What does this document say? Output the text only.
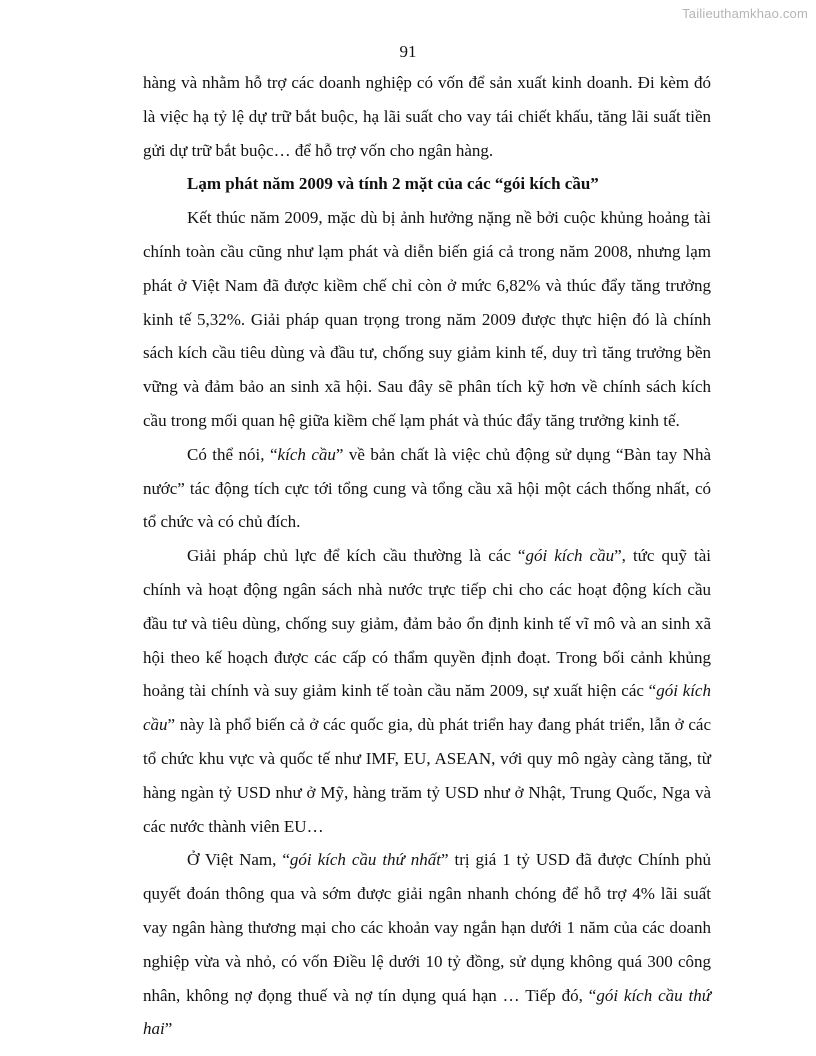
Tailieuthamkhao.com
91

hàng và nhằm hỗ trợ các doanh nghiệp có vốn để sản xuất kinh doanh. Đi kèm đó là việc hạ tỷ lệ dự trữ bắt buộc, hạ lãi suất cho vay tái chiết khấu, tăng lãi suất tiền gửi dự trữ bắt buộc… để hỗ trợ vốn cho ngân hàng.

Lạm phát năm 2009 và tính 2 mặt của các “gói kích cầu”

Kết thúc năm 2009, mặc dù bị ảnh hưởng nặng nề bởi cuộc khủng hoảng tài chính toàn cầu cũng như lạm phát và diễn biến giá cả trong năm 2008, nhưng lạm phát ở Việt Nam đã được kiềm chế chỉ còn ở mức 6,82% và thúc đẩy tăng trưởng kinh tế 5,32%. Giải pháp quan trọng trong năm 2009 được thực hiện đó là chính sách kích cầu tiêu dùng và đầu tư, chống suy giảm kinh tế, duy trì tăng trưởng bền vững và đảm bảo an sinh xã hội. Sau đây sẽ phân tích kỹ hơn về chính sách kích cầu trong mối quan hệ giữa kiềm chế lạm phát và thúc đẩy tăng trưởng kinh tế.

Có thể nói, “kích cầu” về bản chất là việc chủ động sử dụng “Bàn tay Nhà nước” tác động tích cực tới tổng cung và tổng cầu xã hội một cách thống nhất, có tổ chức và có chủ đích.

Giải pháp chủ lực để kích cầu thường là các “gói kích cầu”, tức quỹ tài chính và hoạt động ngân sách nhà nước trực tiếp chi cho các hoạt động kích cầu đầu tư và tiêu dùng, chống suy giảm, đảm bảo ổn định kinh tế vĩ mô và an sinh xã hội theo kế hoạch được các cấp có thẩm quyền định đoạt. Trong bối cảnh khủng hoảng tài chính và suy giảm kinh tế toàn cầu năm 2009, sự xuất hiện các “gói kích cầu” này là phổ biến cả ở các quốc gia, dù phát triển hay đang phát triển, lẫn ở các tổ chức khu vực và quốc tế như IMF, EU, ASEAN, với quy mô ngày càng tăng, từ hàng ngàn tỷ USD như ở Mỹ, hàng trăm tỷ USD như ở Nhật, Trung Quốc, Nga và các nước thành viên EU…

Ở Việt Nam, “gói kích cầu thứ nhất” trị giá 1 tỷ USD đã được Chính phủ quyết đoán thông qua và sớm được giải ngân nhanh chóng để hỗ trợ 4% lãi suất vay ngân hàng thương mại cho các khoản vay ngắn hạn dưới 1 năm của các doanh nghiệp vừa và nhỏ, có vốn Điều lệ dưới 10 tỷ đồng, sử dụng không quá 300 công nhân, không nợ đọng thuế và nợ tín dụng quá hạn … Tiếp đó, “gói kích cầu thứ hai”
